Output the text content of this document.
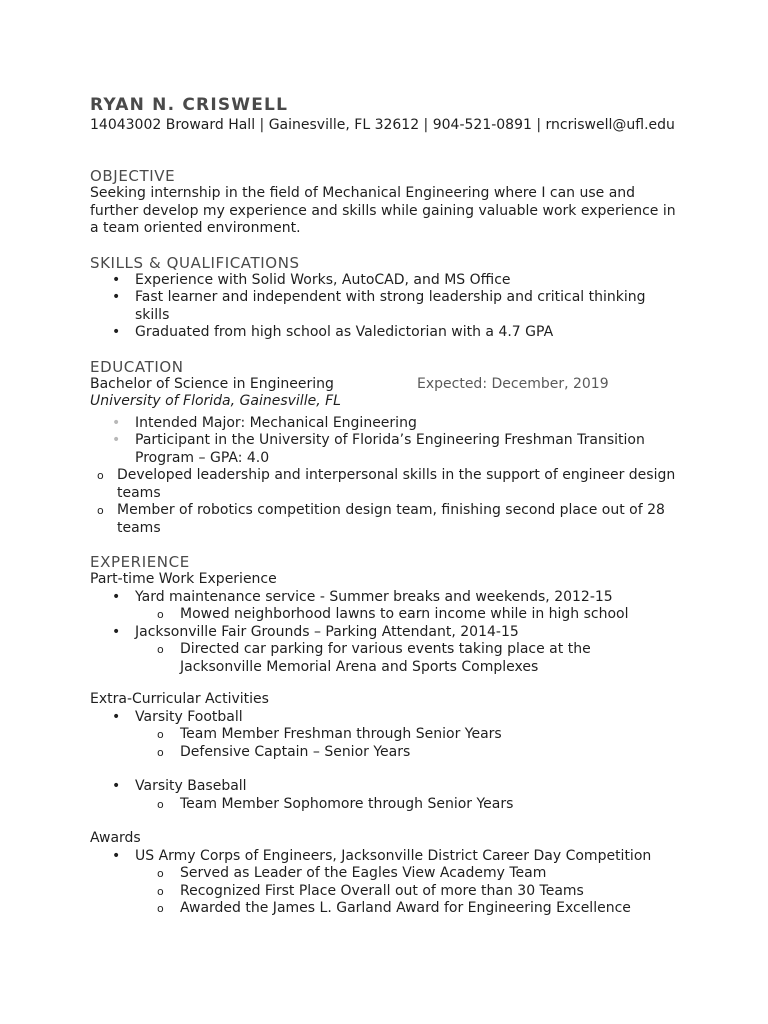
RYAN N. CRISWELL
14043002 Broward Hall | Gainesville, FL 32612 | 904-521-0891 | rncriswell@ufl.edu
OBJECTIVE
Seeking internship in the field of Mechanical Engineering where I can use and
further develop my experience and skills while gaining valuable work experience in
a team oriented environment.
SKILLS & QUALIFICATIONS
• Experience with Solid Works, AutoCAD, and MS Office
• Fast learner and independent with strong leadership and critical thinking
skills
• Graduated from high school as Valedictorian with a 4.7 GPA
EDUCATION
Bachelor of Science in Engineering	Expected: December, 2019
University of Florida, Gainesville, FL
• Intended Major: Mechanical Engineering
• Participant in the University of Florida’s Engineering Freshman Transition
Program – GPA: 4.0
o Developed leadership and interpersonal skills in the support of engineer design
teams
o Member of robotics competition design team, finishing second place out of 28
teams
EXPERIENCE
Part-time Work Experience
• Yard maintenance service - Summer breaks and weekends, 2012-15
o Mowed neighborhood lawns to earn income while in high school
• Jacksonville Fair Grounds – Parking Attendant, 2014-15
o Directed car parking for various events taking place at the
Jacksonville Memorial Arena and Sports Complexes
Extra-Curricular Activities
• Varsity Football
o Team Member Freshman through Senior Years
o Defensive Captain – Senior Years
• Varsity Baseball
o Team Member Sophomore through Senior Years
Awards
• US Army Corps of Engineers, Jacksonville District Career Day Competition
o Served as Leader of the Eagles View Academy Team
o Recognized First Place Overall out of more than 30 Teams
o Awarded the James L. Garland Award for Engineering Excellence
